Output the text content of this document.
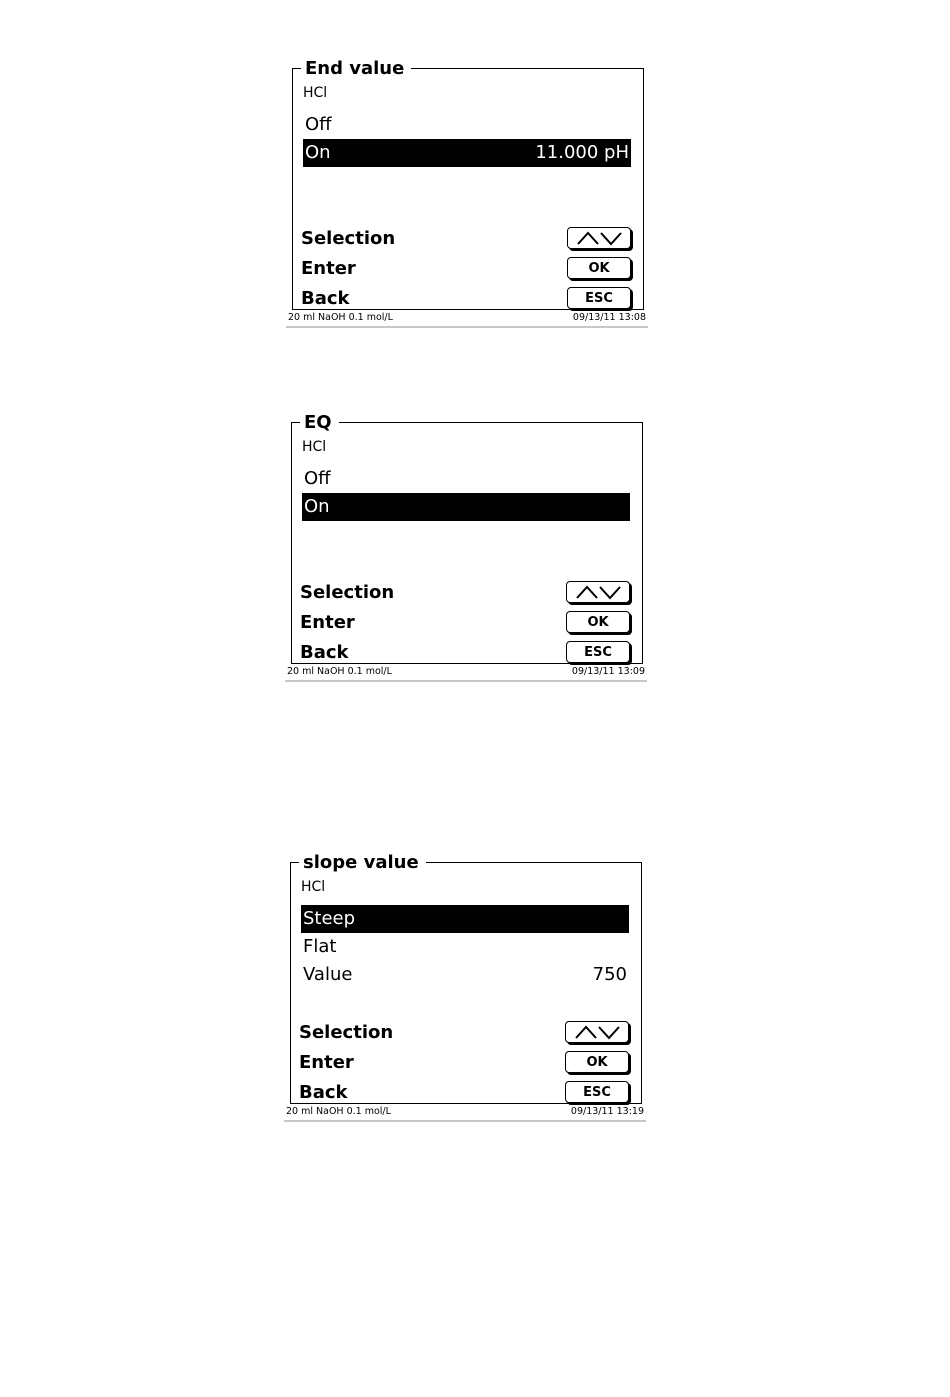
End value
HCl
Off
On	11.000 pH
Selection
Enter	OK
Back	ESC
20 ml NaOH 0.1 mol/L	09/13/11 13:08
EQ
HCl
Off
On
Selection
Enter	OK
Back	ESC
20 ml NaOH 0.1 mol/L	09/13/11 13:09
slope value
HCl
Steep
Flat
Value	750
Selection
Enter	OK
Back	ESC
20 ml NaOH 0.1 mol/L	09/13/11 13:19
